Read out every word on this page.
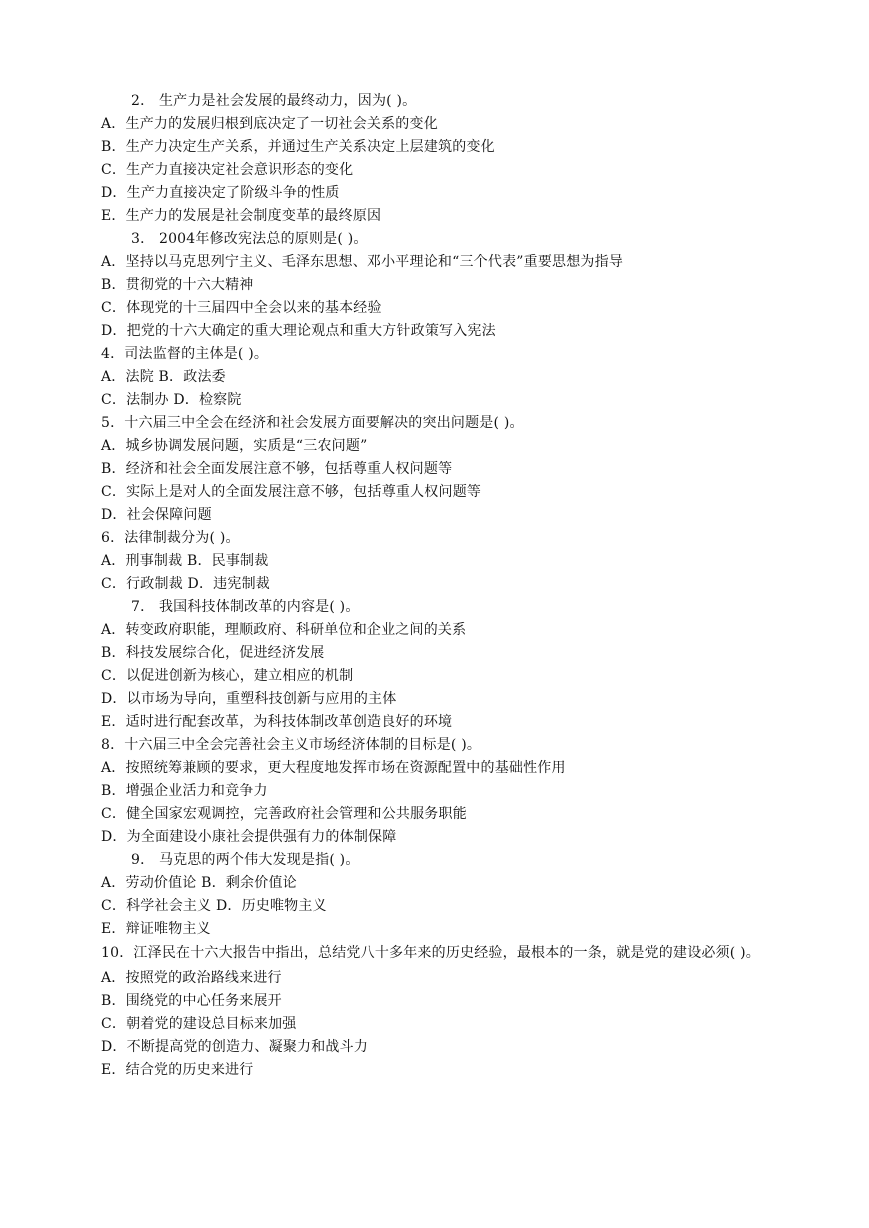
2． 生产力是社会发展的最终动力，因为( )。
A．生产力的发展归根到底决定了一切社会关系的变化
B．生产力决定生产关系，并通过生产关系决定上层建筑的变化
C．生产力直接决定社会意识形态的变化
D．生产力直接决定了阶级斗争的性质
E．生产力的发展是社会制度变革的最终原因
3． 2004年修改宪法总的原则是( )。
A．坚持以马克思列宁主义、毛泽东思想、邓小平理论和“三个代表”重要思想为指导
B．贯彻党的十六大精神
C．体现党的十三届四中全会以来的基本经验
D．把党的十六大确定的重大理论观点和重大方针政策写入宪法
4．司法监督的主体是( )。
A．法院 B．政法委
C．法制办 D．检察院
5．十六届三中全会在经济和社会发展方面要解决的突出问题是( )。
A．城乡协调发展问题，实质是“三农问题”
B．经济和社会全面发展注意不够，包括尊重人权问题等
C．实际上是对人的全面发展注意不够，包括尊重人权问题等
D．社会保障问题
6．法律制裁分为( )。
A．刑事制裁 B．民事制裁
C．行政制裁 D．违宪制裁
7． 我国科技体制改革的内容是( )。
A．转变政府职能，理顺政府、科研单位和企业之间的关系
B．科技发展综合化，促进经济发展
C．以促进创新为核心，建立相应的机制
D．以市场为导向，重塑科技创新与应用的主体
E．适时进行配套改革，为科技体制改革创造良好的环境
8．十六届三中全会完善社会主义市场经济体制的目标是( )。
A．按照统筹兼顾的要求，更大程度地发挥市场在资源配置中的基础性作用
B．增强企业活力和竞争力
C．健全国家宏观调控，完善政府社会管理和公共服务职能
D．为全面建设小康社会提供强有力的体制保障
9． 马克思的两个伟大发现是指( )。
A．劳动价值论 B．剩余价值论
C．科学社会主义 D．历史唯物主义
E．辩证唯物主义
10．江泽民在十六大报告中指出，总结党八十多年来的历史经验，最根本的一条，就是党的建设必须( )。
A．按照党的政治路线来进行
B．围绕党的中心任务来展开
C．朝着党的建设总目标来加强
D．不断提高党的创造力、凝聚力和战斗力
E．结合党的历史来进行
